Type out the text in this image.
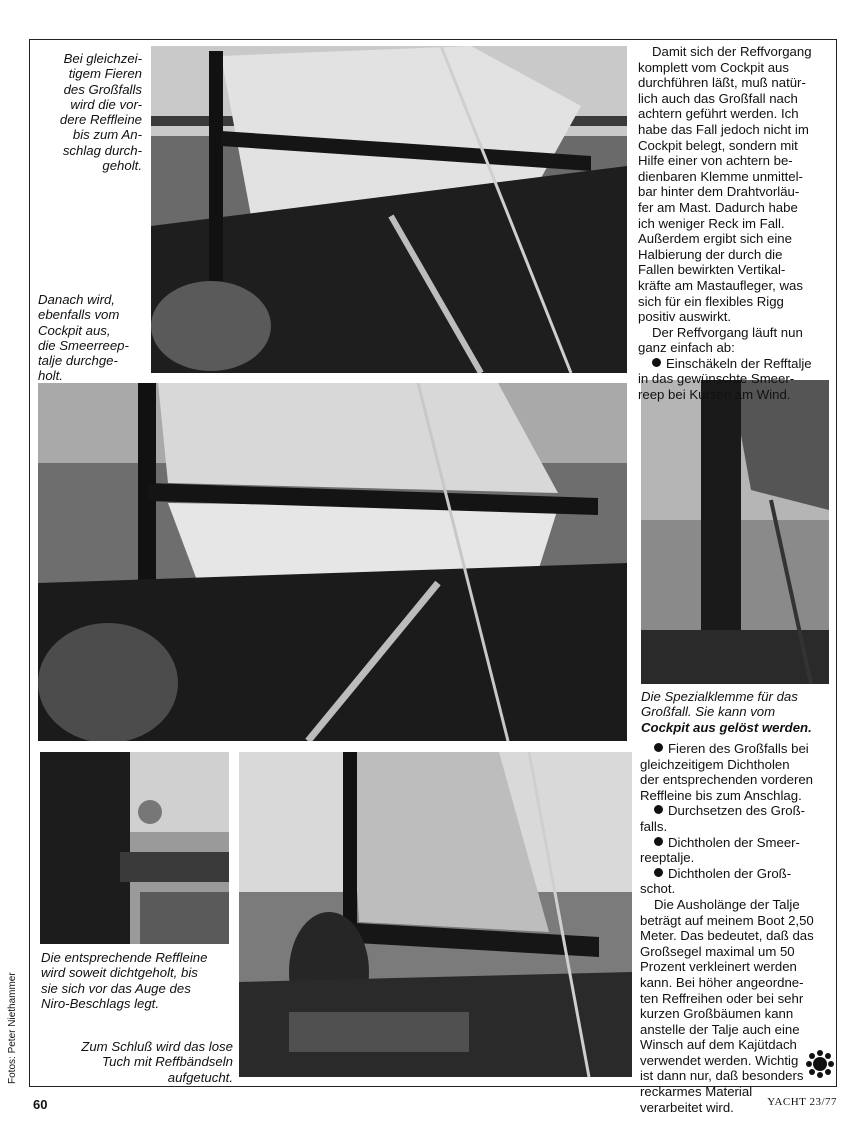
Bei gleichzei-
tigem Fieren
des Großfalls
wird die vor-
dere Reffleine
bis zum An-
schlag durch-
geholt.
Danach wird,
ebenfalls vom
Cockpit aus,
die Smeerreep-
talje durchge-
holt.
Die Spezialklemme für das
Großfall. Sie kann vom
Cockpit aus gelöst werden.
Die entsprechende Reffleine
wird soweit dichtgeholt, bis
sie sich vor das Auge des
Niro-Beschlags legt.
Zum Schluß wird das lose
Tuch mit Reffbändseln
aufgetucht.
Damit sich der Reffvorgang
komplett vom Cockpit aus
durchführen läßt, muß natür-
lich auch das Großfall nach
achtern geführt werden. Ich
habe das Fall jedoch nicht im
Cockpit belegt, sondern mit
Hilfe einer von achtern be-
dienbaren Klemme unmittel-
bar hinter dem Drahtvorläu-
fer am Mast. Dadurch habe
ich weniger Reck im Fall.
Außerdem ergibt sich eine
Halbierung der durch die
Fallen bewirkten Vertikal-
kräfte am Mastaufleger, was
sich für ein flexibles Rigg
positiv auswirkt.
Der Reffvorgang läuft nun
ganz einfach ab:
Einschäkeln der Refftalje
in das gewünschte Smeer-
reep bei Kursen am Wind.
Fieren des Großfalls bei
gleichzeitigem Dichtholen
der entsprechenden vorderen
Reffleine bis zum Anschlag.
Durchsetzen des Groß-
falls.
Dichtholen der Smeer-
reeptalje.
Dichtholen der Groß-
schot.
Die Ausholänge der Talje
beträgt auf meinem Boot 2,50
Meter. Das bedeutet, daß das
Großsegel maximal um 50
Prozent verkleinert werden
kann. Bei höher angeordne-
ten Reffreihen oder bei sehr
kurzen Großbäumen kann
anstelle der Talje auch eine
Winsch auf dem Kajütdach
verwendet werden. Wichtig
ist dann nur, daß besonders
reckarmes Material
verarbeitet wird.
Fotos: Peter Niethammer
60	YACHT 23/77
